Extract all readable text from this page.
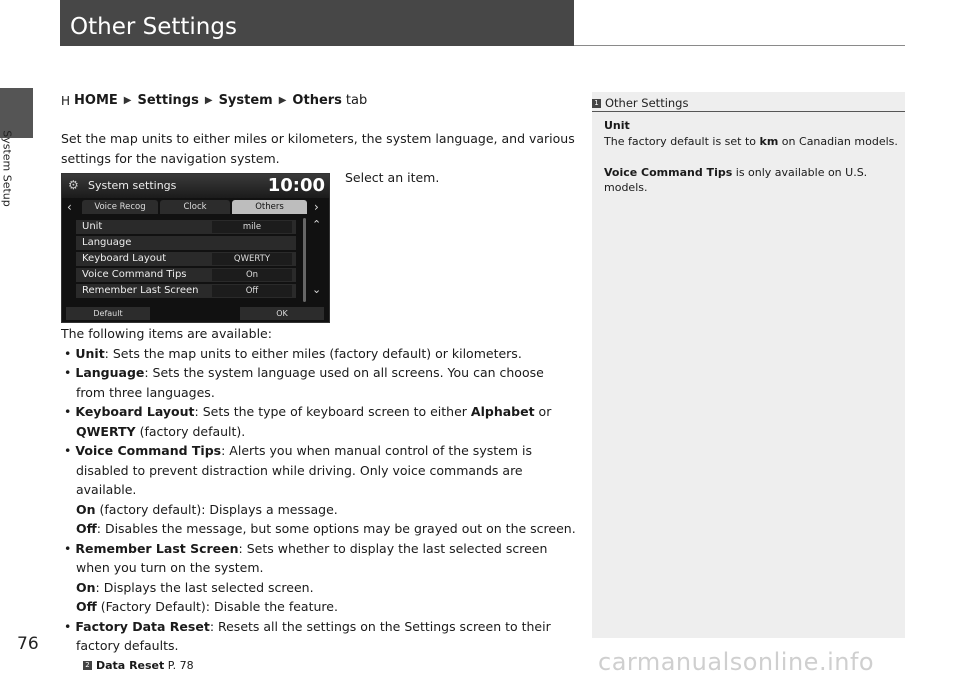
Other Settings
System Setup
76
H HOME ▶ Settings ▶ System ▶ Others tab
Set the map units to either miles or kilometers, the system language, and various settings for the navigation system.
Select an item.
⚙ System settings	10:00
‹	Voice Recog	Clock	Others	›
Unit	mile
Language
Keyboard Layout	QWERTY
Voice Command Tips	On
Remember Last Screen	Off
⌃
⌄
Default	OK

The following items are available:

• Unit: Sets the map units to either miles (factory default) or kilometers.

• Language: Sets the system language used on all screens. You can choose from three languages.

• Keyboard Layout: Sets the type of keyboard screen to either Alphabet or QWERTY (factory default).

• Voice Command Tips: Alerts you when manual control of the system is disabled to prevent distraction while driving. Only voice commands are available.

On (factory default): Displays a message.

Off: Disables the message, but some options may be grayed out on the screen.

• Remember Last Screen: Sets whether to display the last selected screen when you turn on the system.

On: Displays the last selected screen.

Off (Factory Default): Disable the feature.

• Factory Data Reset: Resets all the settings on the Settings screen to their factory defaults.

2 Data Reset P. 78

1 Other Settings

Unit

The factory default is set to km on Canadian models.

Voice Command Tips is only available on U.S. models.

carmanualsonline.info
